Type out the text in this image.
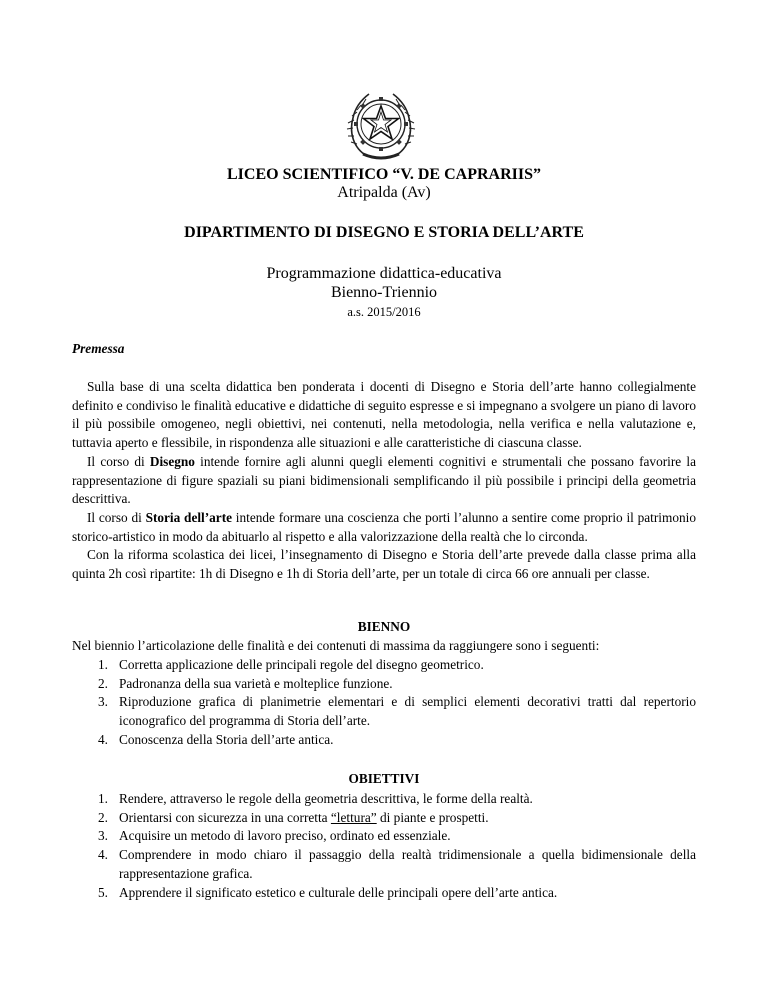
LICEO SCIENTIFICO “V. DE CAPRARIIS”
Atripalda (Av)
DIPARTIMENTO DI DISEGNO E STORIA DELL’ARTE
Programmazione didattica-educativa
Bienno-Triennio
a.s. 2015/2016
Premessa

Sulla base di una scelta didattica ben ponderata i docenti di Disegno e Storia dell’arte hanno collegialmente definito e condiviso le finalità educative e didattiche di seguito espresse e si impegnano a svolgere un piano di lavoro il più possibile omogeneo, negli obiettivi, nei contenuti, nella metodologia, nella verifica e nella valutazione e, tuttavia aperto e flessibile, in rispondenza alle situazioni e alle caratteristiche di ciascuna classe.

Il corso di Disegno intende fornire agli alunni quegli elementi cognitivi e strumentali che possano favorire la rappresentazione di figure spaziali su piani bidimensionali semplificando il più possibile i principi della geometria descrittiva.

Il corso di Storia dell’arte intende formare una coscienza che porti l’alunno a sentire come proprio il patrimonio storico-artistico in modo da abituarlo al rispetto e alla valorizzazione della realtà che lo circonda.

Con la riforma scolastica dei licei, l’insegnamento di Disegno e Storia dell’arte prevede dalla classe prima alla quinta 2h così ripartite: 1h di Disegno e 1h di Storia dell’arte, per un totale di circa 66 ore annuali per classe.

BIENNO
Nel biennio l’articolazione delle finalità e dei contenuti di massima da raggiungere sono i seguenti:
1. Corretta applicazione delle principali regole del disegno geometrico.
2. Padronanza della sua varietà e molteplice funzione.
3. Riproduzione grafica di planimetrie elementari e di semplici elementi decorativi tratti dal repertorio iconografico del programma di Storia dell’arte.
4. Conoscenza della Storia dell’arte antica.
OBIETTIVI
1. Rendere, attraverso le regole della geometria descrittiva, le forme della realtà.
2. Orientarsi con sicurezza in una corretta “lettura” di piante e prospetti.
3. Acquisire un metodo di lavoro preciso, ordinato ed essenziale.
4. Comprendere in modo chiaro il passaggio della realtà tridimensionale a quella bidimensionale della rappresentazione grafica.
5. Apprendere il significato estetico e culturale delle principali opere dell’arte antica.
